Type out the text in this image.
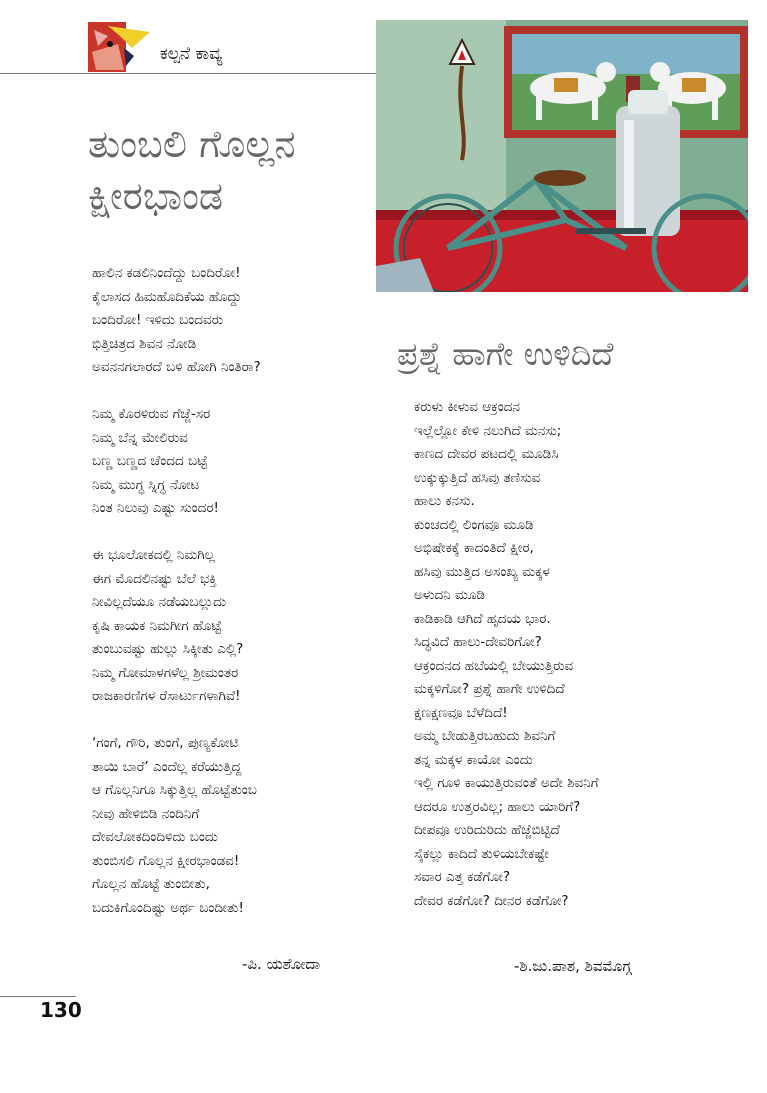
ಕಲ್ಪನೆ ಕಾವ್ಯ
ತುಂಬಲಿ ಗೊಲ್ಲನ
ಕ್ಷೀರಭಾಂಡ
ಹಾಲಿನ ಕಡಲಿನಿಂದೆದ್ದು ಬಂದಿರೋ!
ಕೈಲಾಸದ ಹಿಮಹೊದಿಕೆಯ ಹೊದ್ದು
ಬಂದಿರೋ! ಇಳಿದು ಬಂದವರು
ಭಿತ್ತಿಚಿತ್ರದ ಶಿವನ ನೋಡಿ
ಅವನನಗಲಾರದೆ ಬಳಿ ಹೋಗಿ ನಿಂತಿರಾ?
ನಿಮ್ಮ ಕೊರಳಿರುವ ಗೆಜ್ಜೆ-ಸರ
ನಿಮ್ಮ ಬೆನ್ನ ಮೇಲಿರುವ
ಬಣ್ಣ ಬಣ್ಣದ ಚೆಂದದ ಬಟ್ಟೆ
ನಿಮ್ಮ ಮುಗ್ಧ ಸ್ನಿಗ್ಧ ನೋಟ
ನಿಂತ ನಿಲುವು ಎಷ್ಟು ಸುಂದರ!
ಈ ಭೂಲೋಕದಲ್ಲಿ ನಿಮಗಿಲ್ಲ
ಈಗ ಮೊದಲಿನಷ್ಟು ಬೆಲೆ ಭಕ್ತಿ
ನೀವಿಲ್ಲದೆಯೂ ನಡೆಯಬಲ್ಲುದು
ಕೃಷಿ ಕಾಯಕ ನಿಮಗೀಗ ಹೊಟ್ಟೆ
ತುಂಬುವಷ್ಟು ಹುಲ್ಲು ಸಿಕ್ಕೀತು ಎಲ್ಲಿ?
ನಿಮ್ಮ ಗೋಮಾಳಗಳೆಲ್ಲ ಶ್ರೀಮಂತರ
ರಾಜಕಾರಣಿಗಳ ರೆಸಾರ್ಟುಗಳಾಗಿವೆ!
‘ಗಂಗೆ, ಗೌರಿ, ತುಂಗೆ, ಪುಣ್ಯಕೋಟಿ
ತಾಯಿ ಬಾರೆ’ ಎಂದೆಲ್ಲ ಕರೆಯುತ್ತಿದ್ದ
ಆ ಗೊಲ್ಲನಿಗೂ ಸಿಕ್ಕುತ್ತಿಲ್ಲ ಹೊಟ್ಟೆತುಂಬ
ನೀವು ಹೇಳಿಬಿಡಿ ನಂದಿನಿಗೆ
ದೇವಲೋಕದಿಂದಿಳಿದು ಬಂದು
ತುಂಬಿಸಲಿ ಗೊಲ್ಲನ ಕ್ಷೀರಭಾಂಡವ!
ಗೊಲ್ಲನ ಹೊಟ್ಟೆ ತುಂಬೀತು,
ಬದುಕಿಗೊಂದಿಷ್ಟು ಅರ್ಥ ಬಂದೀತು!
-ಪಿ. ಯಶೋದಾ
ಪ್ರಶ್ನೆ ಹಾಗೇ ಉಳಿದಿದೆ
ಕರುಳು ಕೀಳುವ ಆಕ್ರಂದನ
ಇಲ್ಲೆಲ್ಲೋ ಕೇಳಿ ನಲುಗಿದೆ ಮನಸು;
ಕಾಣದ ದೇವರ ಪಟದಲ್ಲಿ ಮೂಡಿಸಿ
ಉಕ್ಕುಕ್ಕುತ್ತಿದೆ ಹಸಿವು ತಣಿಸುವ
ಹಾಲು ಕನಸು.
ಕುಂಚದಲ್ಲಿ ಲಿಂಗವೂ ಮೂಡಿ
ಅಭಿಷೇಕಕ್ಕೆ ಕಾದಂತಿದೆ ಕ್ಷೀರ,
ಹಸಿವು ಮುತ್ತಿದ ಅಸಂಖ್ಯ ಮಕ್ಕಳ
ಅಳುದನಿ ಮೂಡಿ
ಕಾಡಿಕಾಡಿ ಆಗಿದೆ ಹೃದಯ ಭಾರ.
ಸಿದ್ಧವಿದೆ ಹಾಲು-ದೇವರಿಗೋ?
ಆಕ್ರಂದನದ ಹಬೆಯಲ್ಲಿ ಬೇಯುತ್ತಿರುವ
ಮಕ್ಕಳಿಗೋ? ಪ್ರಶ್ನೆ ಹಾಗೇ ಉಳಿದಿದೆ
ಕ್ಷಣಕ್ಷಣವೂ ಬೆಳೆದಿದೆ!
ಅಮ್ಮ ಬೇಡುತ್ತಿರಬಹುದು ಶಿವನಿಗೆ
ತನ್ನ ಮಕ್ಕಳ ಕಾಯೋ ಎಂದು
ಇಲ್ಲಿ ಗೂಳಿ ಕಾಯುತ್ತಿರುವಂತೆ ಅದೇ ಶಿವನಿಗೆ
ಆದರೂ ಉತ್ತರವಿಲ್ಲ; ಹಾಲು ಯಾರಿಗೆ?
ದೀಪವೂ ಉರಿದುರಿದು ಹೆಜ್ಜೆಬಿಟ್ಟಿದೆ
ಸೈಕಲ್ಲು ಕಾದಿದೆ ತುಳಿಯಬೇಕಷ್ಟೇ
ಸವಾರ ಎತ್ತ ಕಡೆಗೋ?
ದೇವರ ಕಡೆಗೋ? ದೀನರ ಕಡೆಗೋ?
-ಶಿ.ಜು.ಪಾಶ, ಶಿವಮೊಗ್ಗ
130
